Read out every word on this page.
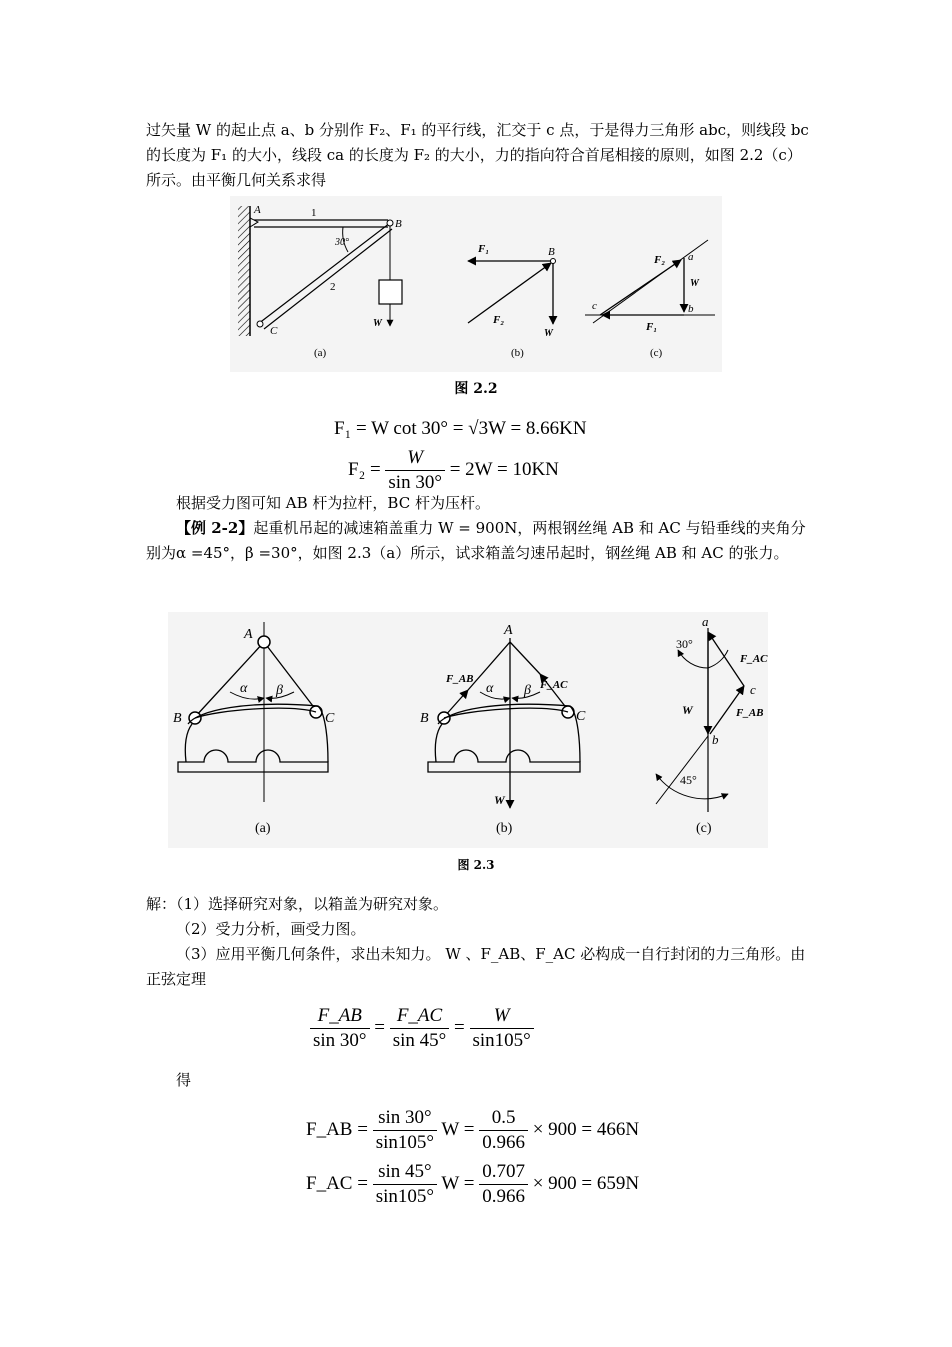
过矢量 W 的起止点 a、b 分别作 F₂、F₁ 的平行线，汇交于 c 点，于是得力三角形 abc，则线段 bc 的长度为 F₁ 的大小，线段 ca 的长度为 F₂ 的大小，力的指向符合首尾相接的原则，如图 2.2（c）所示。由平衡几何关系求得
A
B
C
1
2
30°
W
(a)
F₁	B
F₂
W
(b)
F₂ a
W
b
c
F₁
(c)
图 2.2
F₁ = W cot 30° = √3W = 8.66KN
$F_2 = \frac{W}{\sin 30^\circ} = 2W = 10KN$
根据受力图可知 AB 杆为拉杆，BC 杆为压杆。
【例 2-2】起重机吊起的减速箱盖重力 W = 900N，两根钢丝绳 AB 和 AC 与铅垂线的夹角分别为α =45°，β =30°，如图 2.3（a）所示，试求箱盖匀速吊起时，钢丝绳 AB 和 AC 的张力。
A
B	C
α β
(a)
A
B	C
α β
F_AB	F_AC
W
(b)
a
30°
F_AC
c
W	F_AB
b
45°
(c)
图 2.3
解：（1）选择研究对象，以箱盖为研究对象。
（2）受力分析，画受力图。
（3）应用平衡几何条件，求出未知力。 W 、F_AB、F_AC 必构成一自行封闭的力三角形。由正弦定理
$\frac{F\_AB}{\sin 30^\circ} = \frac{F\_AC}{\sin 45^\circ} = \frac{W}{\sin 105^\circ}$
得
F_AB = $\frac{\sin 30^\circ}{\sin 105^\circ}$ $W = \frac{0.5}{0.966} \times 900 = 466N$
F_AC = $\frac{\sin 45^\circ}{\sin 105^\circ}$ $W = \frac{0.707}{0.966} \times 900 = 659N$
